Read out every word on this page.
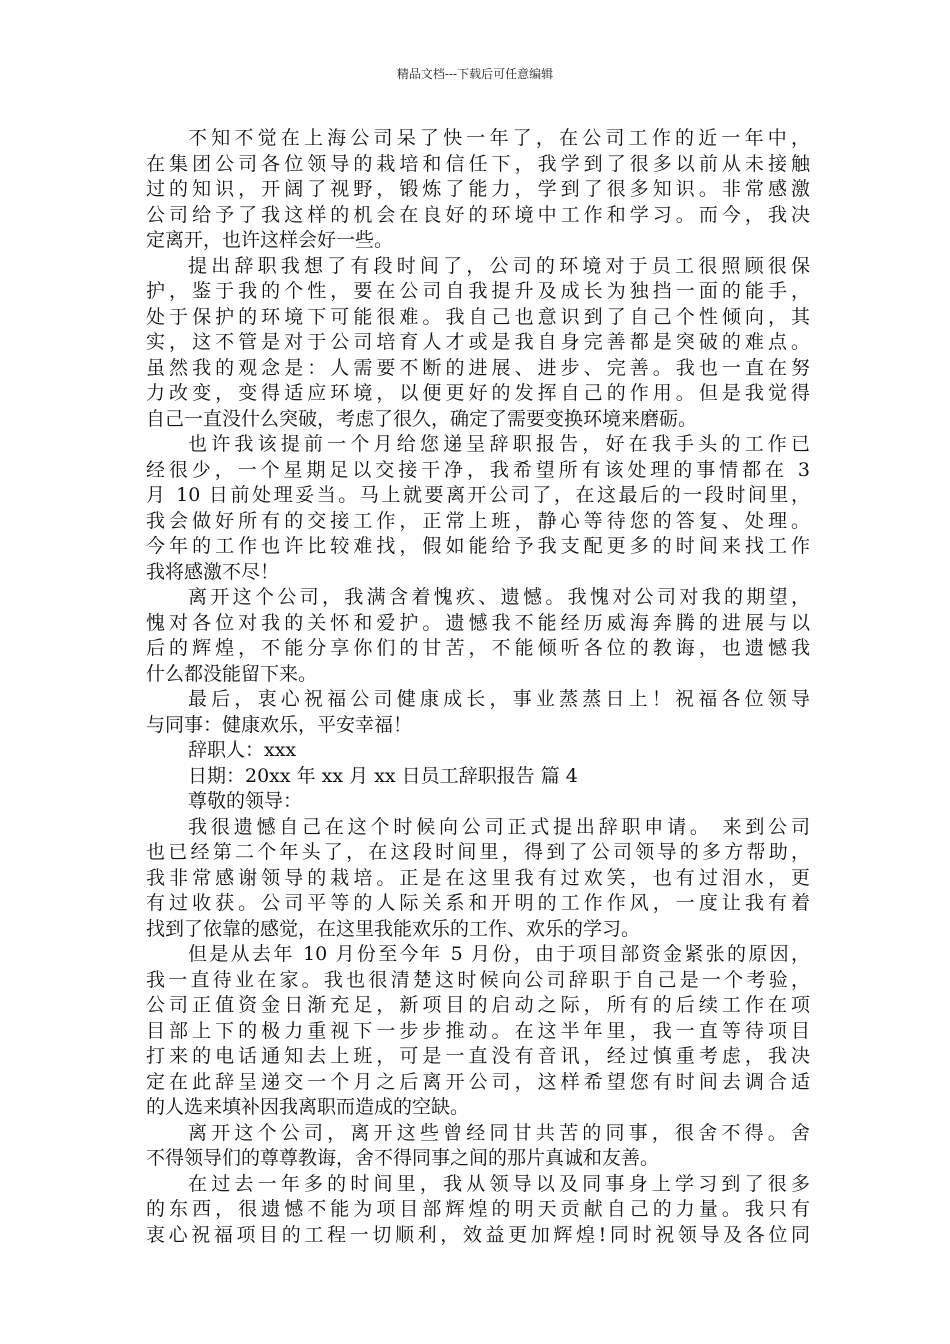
精品文档---下载后可任意编辑
不知不觉在上海公司呆了快一年了，在公司工作的近一年中，
在集团公司各位领导的栽培和信任下，我学到了很多以前从未接触
过的知识，开阔了视野，锻炼了能力，学到了很多知识。非常感激
公司给予了我这样的机会在良好的环境中工作和学习。而今，我决
定离开，也许这样会好一些。
提出辞职我想了有段时间了，公司的环境对于员工很照顾很保
护，鉴于我的个性，要在公司自我提升及成长为独挡一面的能手，
处于保护的环境下可能很难。我自己也意识到了自己个性倾向，其
实，这不管是对于公司培育人才或是我自身完善都是突破的难点。
虽然我的观念是：人需要不断的进展、进步、完善。我也一直在努
力改变，变得适应环境，以便更好的发挥自己的作用。但是我觉得
自己一直没什么突破，考虑了很久，确定了需要变换环境来磨砺。
也许我该提前一个月给您递呈辞职报告，好在我手头的工作已
经很少，一个星期足以交接干净，我希望所有该处理的事情都在 3
月 10 日前处理妥当。马上就要离开公司了，在这最后的一段时间里，
我会做好所有的交接工作，正常上班，静心等待您的答复、处理。
今年的工作也许比较难找，假如能给予我支配更多的时间来找工作
我将感激不尽！
离开这个公司，我满含着愧疚、遗憾。我愧对公司对我的期望，
愧对各位对我的关怀和爱护。遗憾我不能经历威海奔腾的进展与以
后的辉煌，不能分享你们的甘苦，不能倾听各位的教诲，也遗憾我
什么都没能留下来。
最后，衷心祝福公司健康成长，事业蒸蒸日上！祝福各位领导
与同事：健康欢乐，平安幸福！
辞职人：xxx
日期：20xx 年 xx 月 xx 日员工辞职报告 篇 4
尊敬的领导：
我很遗憾自己在这个时候向公司正式提出辞职申请。 来到公司
也已经第二个年头了，在这段时间里，得到了公司领导的多方帮助，
我非常感谢领导的栽培。正是在这里我有过欢笑，也有过泪水，更
有过收获。公司平等的人际关系和开明的工作作风，一度让我有着
找到了依靠的感觉，在这里我能欢乐的工作、欢乐的学习。
但是从去年 10 月份至今年 5 月份，由于项目部资金紧张的原因，
我一直待业在家。我也很清楚这时候向公司辞职于自己是一个考验，
公司正值资金日渐充足，新项目的启动之际，所有的后续工作在项
目部上下的极力重视下一步步推动。在这半年里，我一直等待项目
打来的电话通知去上班，可是一直没有音讯，经过慎重考虑，我决
定在此辞呈递交一个月之后离开公司，这样希望您有时间去调合适
的人选来填补因我离职而造成的空缺。
离开这个公司，离开这些曾经同甘共苦的同事，很舍不得。舍
不得领导们的尊尊教诲，舍不得同事之间的那片真诚和友善。
在过去一年多的时间里，我从领导以及同事身上学习到了很多
的东西，很遗憾不能为项目部辉煌的明天贡献自己的力量。我只有
衷心祝福项目的工程一切顺利，效益更加辉煌!同时祝领导及各位同
